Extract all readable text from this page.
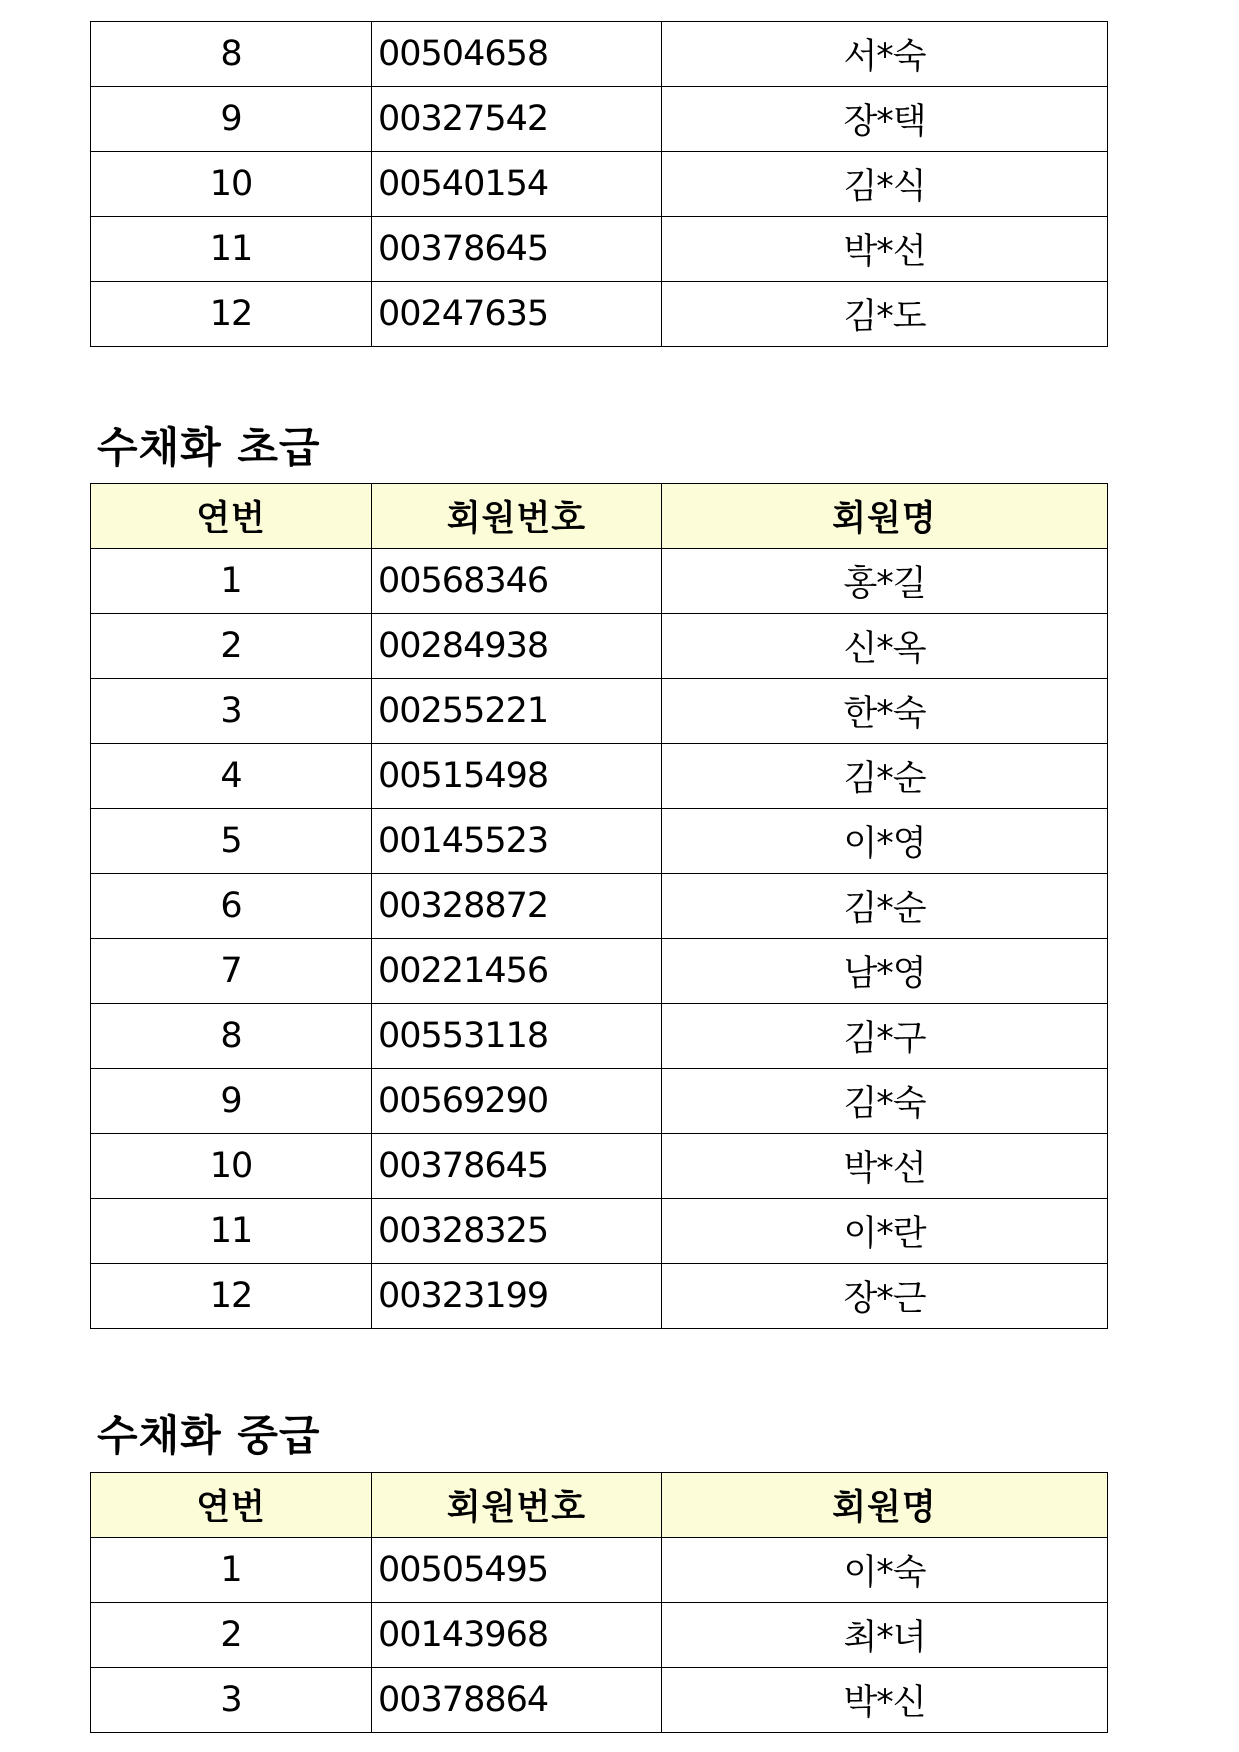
8	00504658	서*숙
9	00327542	장*택
10	00540154	김*식
11	00378645	박*선
12	00247635	김*도
수채화 초급
연번	회원번호	회원명
1	00568346	홍*길
2	00284938	신*옥
3	00255221	한*숙
4	00515498	김*순
5	00145523	이*영
6	00328872	김*순
7	00221456	남*영
8	00553118	김*구
9	00569290	김*숙
10	00378645	박*선
11	00328325	이*란
12	00323199	장*근
수채화 중급
연번	회원번호	회원명
1	00505495	이*숙
2	00143968	최*녀
3	00378864	박*신
